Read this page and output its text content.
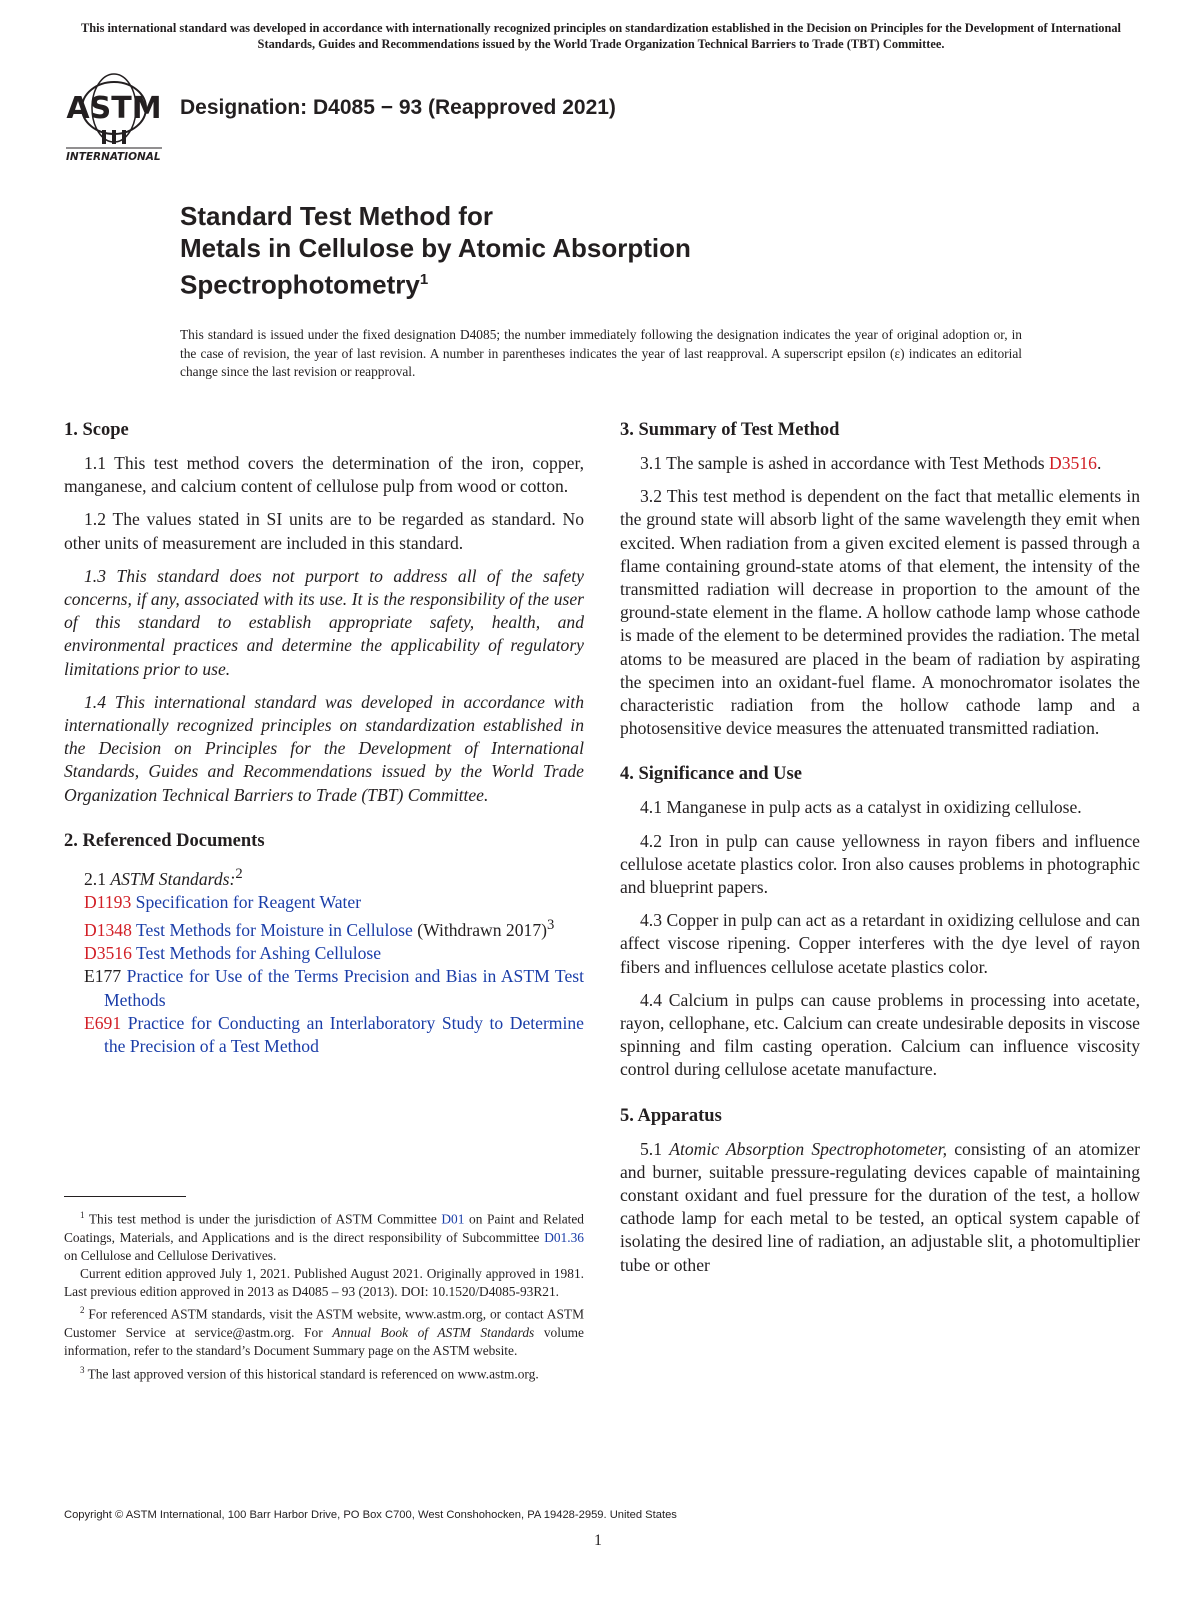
This international standard was developed in accordance with internationally recognized principles on standardization established in the Decision on Principles for the Development of International Standards, Guides and Recommendations issued by the World Trade Organization Technical Barriers to Trade (TBT) Committee.
ASTM
INTERNATIONAL
Designation: D4085 − 93 (Reapproved 2021)
Standard Test Method for
Metals in Cellulose by Atomic Absorption
Spectrophotometry$^1$
This standard is issued under the fixed designation D4085; the number immediately following the designation indicates the year of original adoption or, in the case of revision, the year of last revision. A number in parentheses indicates the year of last reapproval. A superscript epsilon (ε) indicates an editorial change since the last revision or reapproval.
1. Scope

1.1 This test method covers the determination of the iron, copper, manganese, and calcium content of cellulose pulp from wood or cotton.

1.2 The values stated in SI units are to be regarded as standard. No other units of measurement are included in this standard.

1.3 This standard does not purport to address all of the safety concerns, if any, associated with its use. It is the responsibility of the user of this standard to establish appropriate safety, health, and environmental practices and determine the applicability of regulatory limitations prior to use.

1.4 This international standard was developed in accordance with internationally recognized principles on standardization established in the Decision on Principles for the Development of International Standards, Guides and Recommendations issued by the World Trade Organization Technical Barriers to Trade (TBT) Committee.

2. Referenced Documents

2.1 ASTM Standards:$^2$

D1193 Specification for Reagent Water
D1348 Test Methods for Moisture in Cellulose (Withdrawn 2017)$^3$
D3516 Test Methods for Ashing Cellulose
E177 Practice for Use of the Terms Precision and Bias in ASTM Test Methods
E691 Practice for Conducting an Interlaboratory Study to Determine the Precision of a Test Method

$^1$ This test method is under the jurisdiction of ASTM Committee D01 on Paint and Related Coatings, Materials, and Applications and is the direct responsibility of Subcommittee D01.36 on Cellulose and Cellulose Derivatives.

Current edition approved July 1, 2021. Published August 2021. Originally approved in 1981. Last previous edition approved in 2013 as D4085 – 93 (2013). DOI: 10.1520/D4085-93R21.

$^2$ For referenced ASTM standards, visit the ASTM website, www.astm.org, or contact ASTM Customer Service at service@astm.org. For Annual Book of ASTM Standards volume information, refer to the standard’s Document Summary page on the ASTM website.

$^3$ The last approved version of this historical standard is referenced on www.astm.org.

3. Summary of Test Method

3.1 The sample is ashed in accordance with Test Methods D3516.

3.2 This test method is dependent on the fact that metallic elements in the ground state will absorb light of the same wavelength they emit when excited. When radiation from a given excited element is passed through a flame containing ground-state atoms of that element, the intensity of the transmitted radiation will decrease in proportion to the amount of the ground-state element in the flame. A hollow cathode lamp whose cathode is made of the element to be determined provides the radiation. The metal atoms to be measured are placed in the beam of radiation by aspirating the specimen into an oxidant-fuel flame. A monochromator isolates the characteristic radiation from the hollow cathode lamp and a photosensitive device measures the attenuated transmitted radiation.

4. Significance and Use

4.1 Manganese in pulp acts as a catalyst in oxidizing cellulose.

4.2 Iron in pulp can cause yellowness in rayon fibers and influence cellulose acetate plastics color. Iron also causes problems in photographic and blueprint papers.

4.3 Copper in pulp can act as a retardant in oxidizing cellulose and can affect viscose ripening. Copper interferes with the dye level of rayon fibers and influences cellulose acetate plastics color.

4.4 Calcium in pulps can cause problems in processing into acetate, rayon, cellophane, etc. Calcium can create undesirable deposits in viscose spinning and film casting operation. Calcium can influence viscosity control during cellulose acetate manufacture.

5. Apparatus

5.1 Atomic Absorption Spectrophotometer, consisting of an atomizer and burner, suitable pressure-regulating devices capable of maintaining constant oxidant and fuel pressure for the duration of the test, a hollow cathode lamp for each metal to be tested, an optical system capable of isolating the desired line of radiation, an adjustable slit, a photomultiplier tube or other

Copyright © ASTM International, 100 Barr Harbor Drive, PO Box C700, West Conshohocken, PA 19428-2959. United States
1
